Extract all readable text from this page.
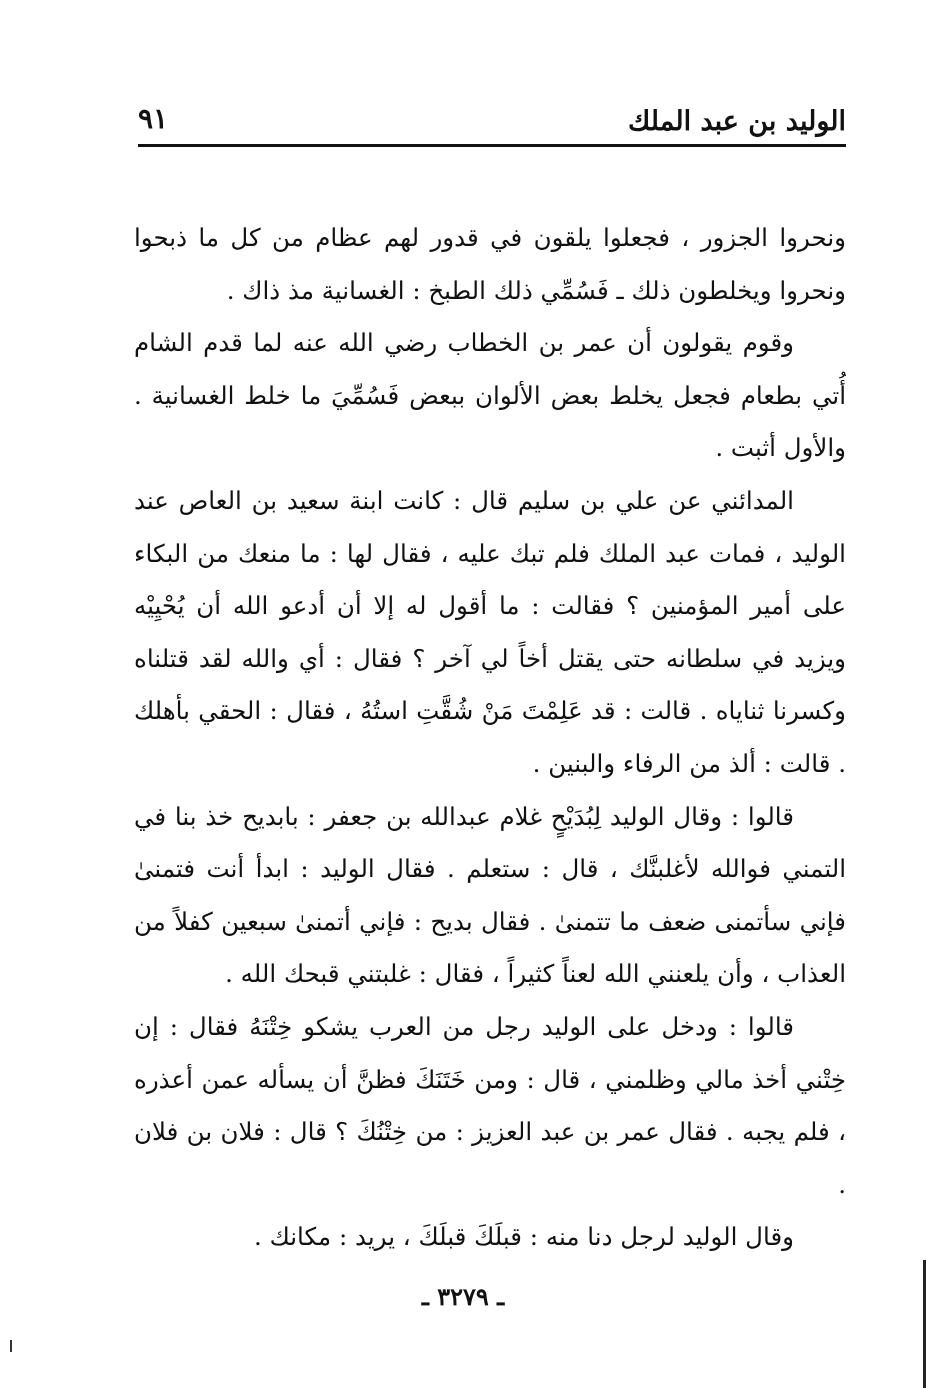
الوليد بن عبد الملك
٩١

ونحروا الجزور ، فجعلوا يلقون في قدور لهم عظام من كل ما ذبحوا ونحروا ويخلطون ذلك ـ فَسُمِّي ذلك الطبخ : الغسانية مذ ذاك .

وقوم يقولون أن عمر بن الخطاب رضي الله عنه لما قدم الشام أُتي بطعام فجعل يخلط بعض الألوان ببعض فَسُمِّيَ ما خلط الغسانية . والأول أثبت .

المدائني عن علي بن سليم قال : كانت ابنة سعيد بن العاص عند الوليد ، فمات عبد الملك فلم تبك عليه ، فقال لها : ما منعك من البكاء على أمير المؤمنين ؟ فقالت : ما أقول له إلا أن أدعو الله أن يُحْيِيْه ويزيد في سلطانه حتى يقتل أخاً لي آخر ؟ فقال : أي والله لقد قتلناه وكسرنا ثناياه . قالت : قد عَلِمْتَ مَنْ شُقَّتِ استُهُ ، فقال : الحقي بأهلك . قالت : ألذ من الرفاء والبنين .

قالوا : وقال الوليد لِبُدَيْحٍ غلام عبدالله بن جعفر : بابديح خذ بنا في التمني فوالله لأغلبنَّك ، قال : ستعلم . فقال الوليد : ابدأ أنت فتمنىٰ فإني سأتمنى ضعف ما تتمنىٰ . فقال بديح : فإني أتمنىٰ سبعين كفلاً من العذاب ، وأن يلعنني الله لعناً كثيراً ، فقال : غلبتني قبحك الله .

قالوا : ودخل على الوليد رجل من العرب يشكو خِتْنَهُ فقال : إن خِتْني أخذ مالي وظلمني ، قال : ومن خَتَنَكَ فظنَّ أن يسأله عمن أعذره ، فلم يجبه . فقال عمر بن عبد العزيز : من خِتْنُكَ ؟ قال : فلان بن فلان .

وقال الوليد لرجل دنا منه : قبلَكَ قبلَكَ ، يريد : مكانك .

ـ ٣٢٧٩ ـ
